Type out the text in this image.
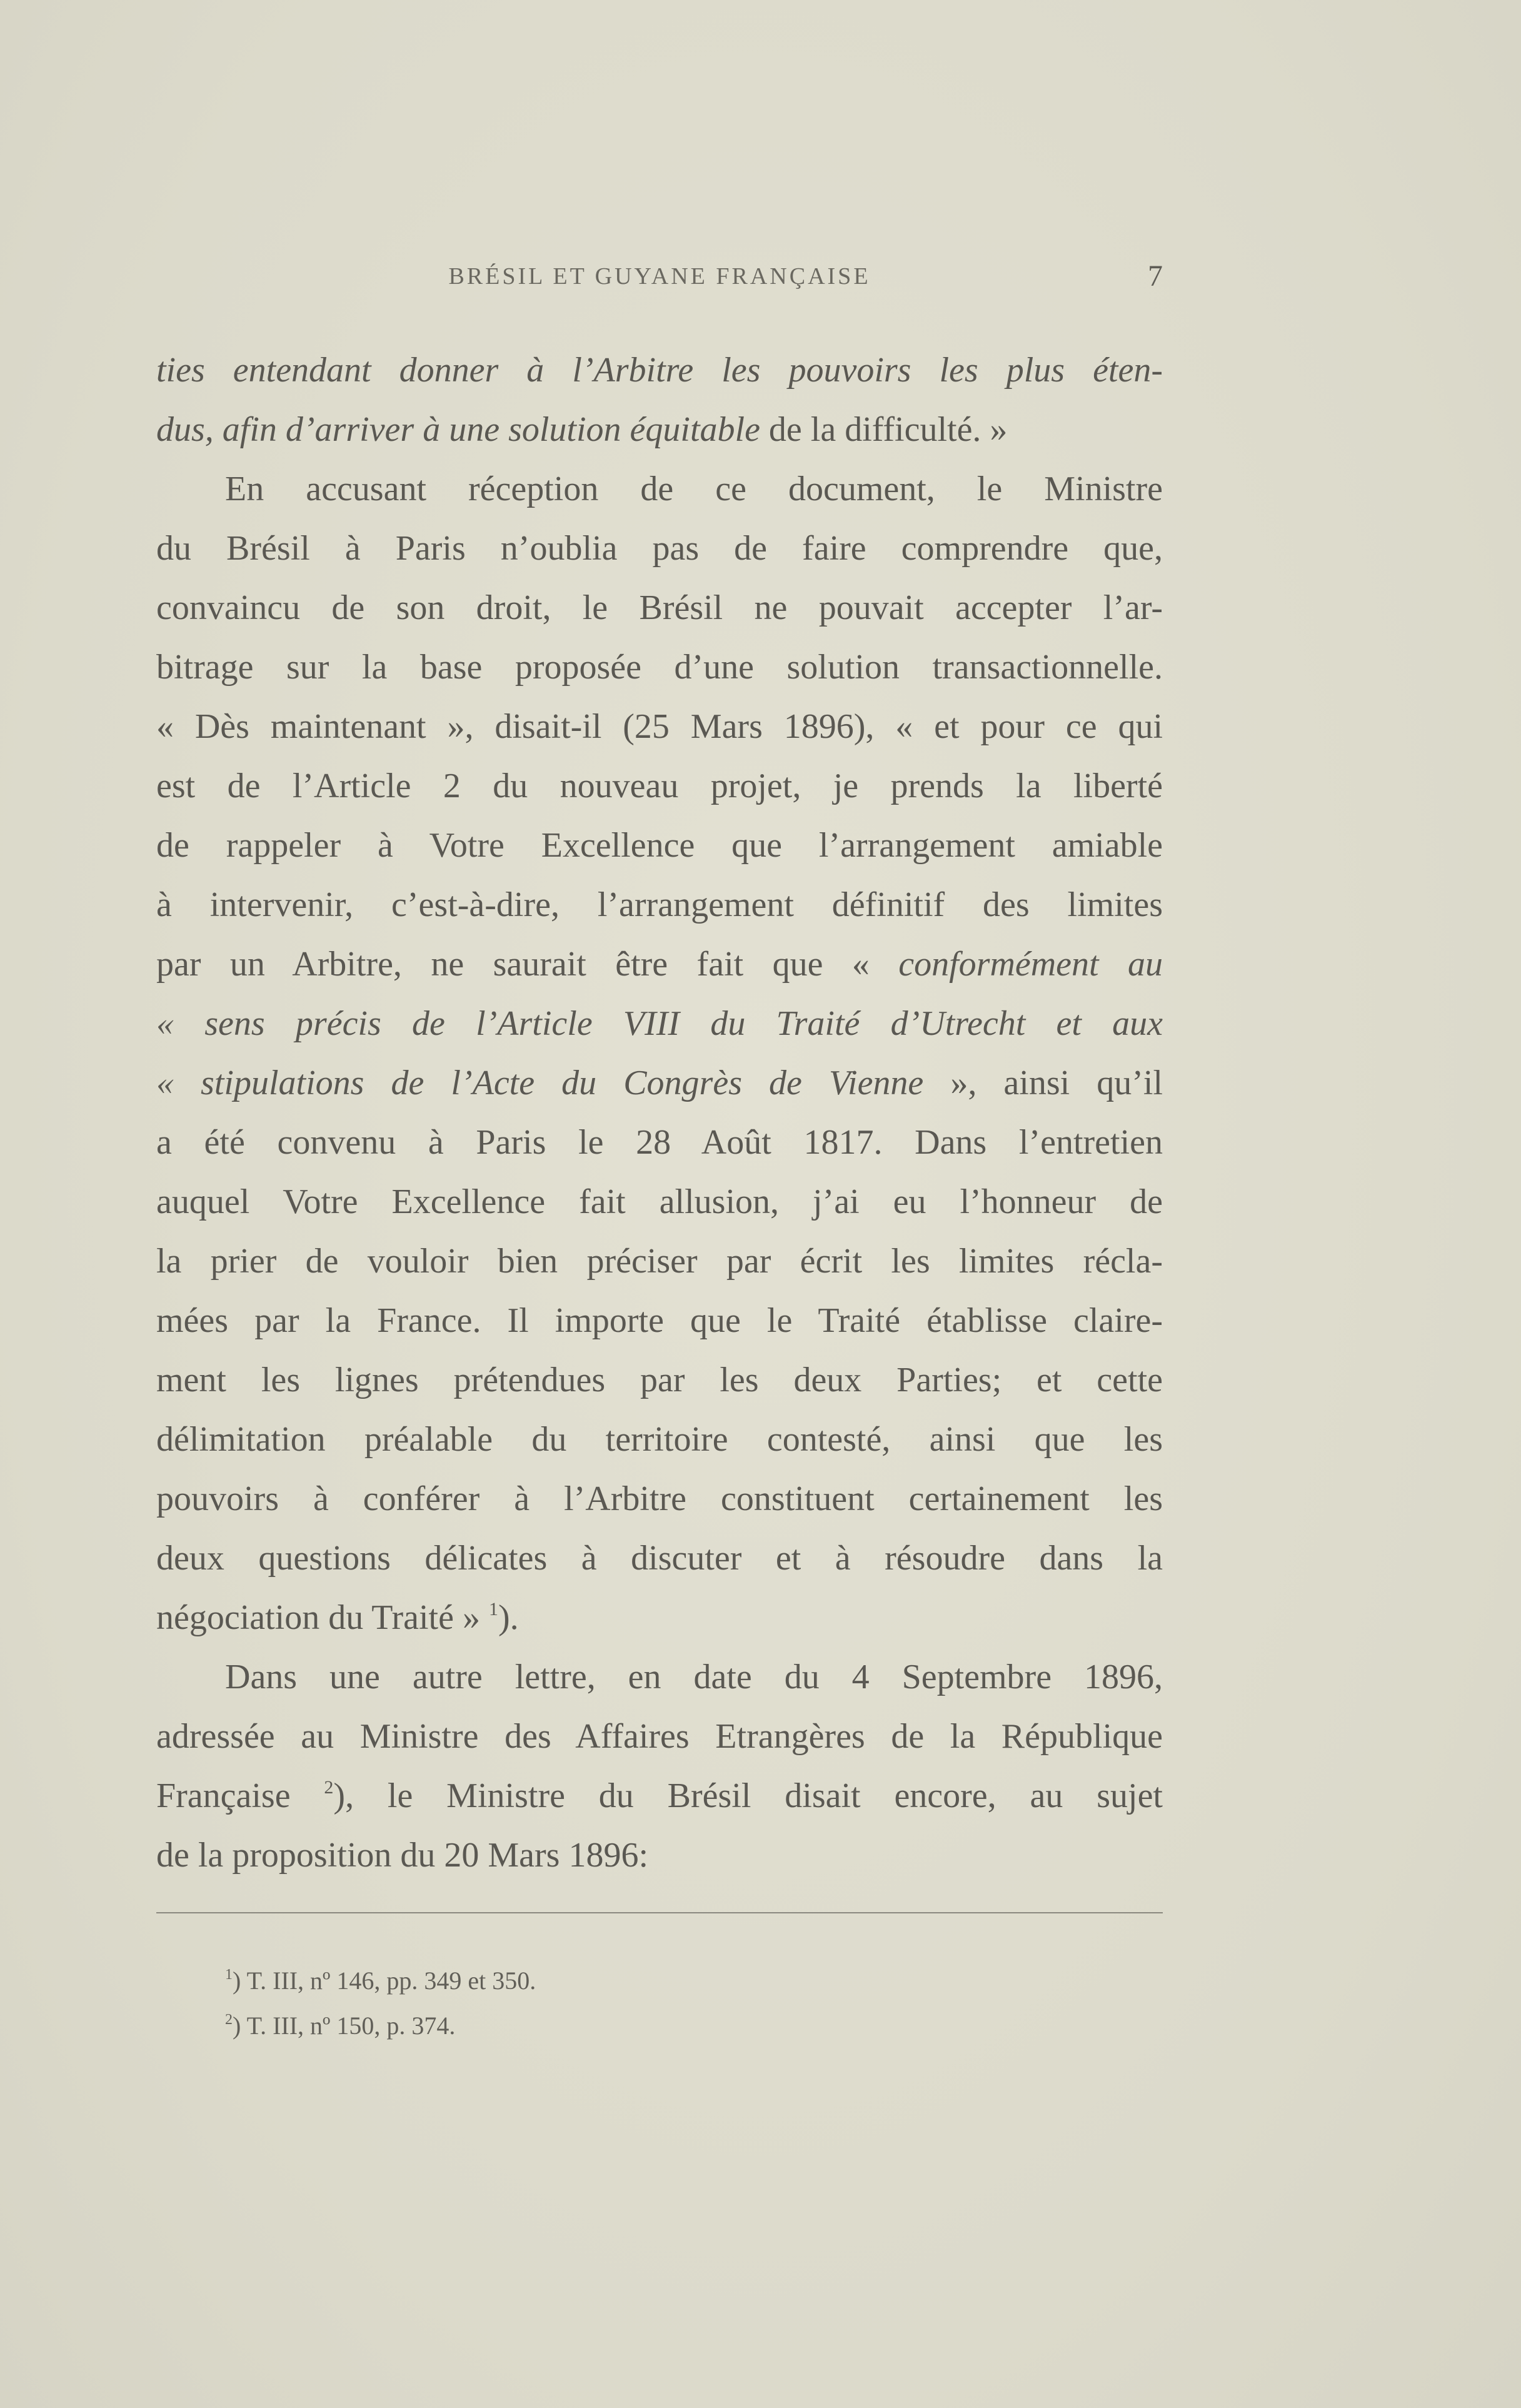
BRÉSIL ET GUYANE FRANÇAISE	7
ties entendant donner à l’Arbitre les pouvoirs les plus éten-
dus, afin d’arriver à une solution équitable de la difficulté. »
En accusant réception de ce document, le Ministre
du Brésil à Paris n’oublia pas de faire comprendre que,
convaincu de son droit, le Brésil ne pouvait accepter l’ar-
bitrage sur la base proposée d’une solution transactionnelle.
« Dès maintenant », disait-il (25 Mars 1896), « et pour ce qui
est de l’Article 2 du nouveau projet, je prends la liberté
de rappeler à Votre Excellence que l’arrangement amiable
à intervenir, c’est-à-dire, l’arrangement définitif des limites
par un Arbitre, ne saurait être fait que « conformément au
« sens précis de l’Article VIII du Traité d’Utrecht et aux
« stipulations de l’Acte du Congrès de Vienne », ainsi qu’il
a été convenu à Paris le 28 Août 1817. Dans l’entretien
auquel Votre Excellence fait allusion, j’ai eu l’honneur de
la prier de vouloir bien préciser par écrit les limites récla-
mées par la France. Il importe que le Traité établisse claire-
ment les lignes prétendues par les deux Parties; et cette
délimitation préalable du territoire contesté, ainsi que les
pouvoirs à conférer à l’Arbitre constituent certainement les
deux questions délicates à discuter et à résoudre dans la
négociation du Traité » $^1$).
Dans une autre lettre, en date du 4 Septembre 1896,
adressée au Ministre des Affaires Etrangères de la République
Française $^2$), le Ministre du Brésil disait encore, au sujet
de la proposition du 20 Mars 1896:
$^1$) T. III, nº 146, pp. 349 et 350.
$^2$) T. III, nº 150, p. 374.
